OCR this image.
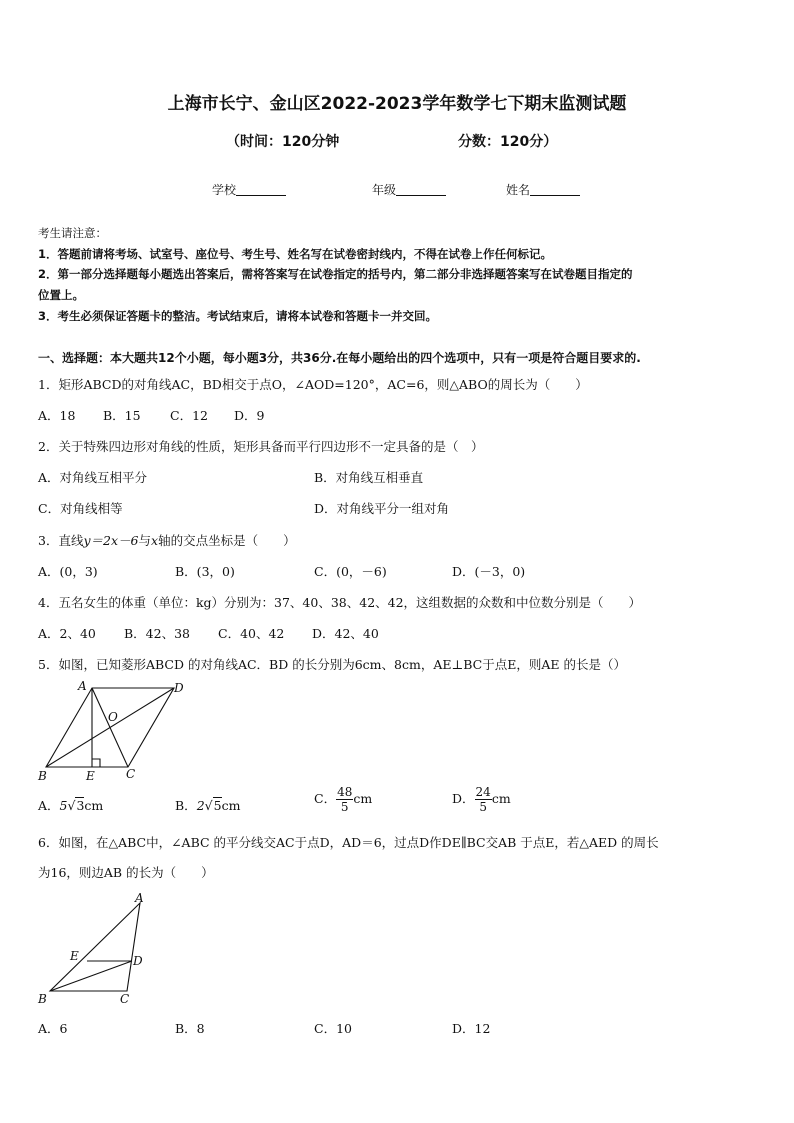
上海市长宁、金山区2022-2023学年数学七下期末监测试题
（时间：120分钟	分数：120分）
学校	年级	姓名
考生请注意：
1．答题前请将考场、试室号、座位号、考生号、姓名写在试卷密封线内，不得在试卷上作任何标记。
2．第一部分选择题每小题选出答案后，需将答案写在试卷指定的括号内，第二部分非选择题答案写在试卷题目指定的
位置上。
3．考生必须保证答题卡的整洁。考试结束后，请将本试卷和答题卡一并交回。
一、选择题：本大题共12个小题，每小题3分，共36分.在每小题给出的四个选项中，只有一项是符合题目要求的.
1．矩形ABCD的对角线AC，BD相交于点O，∠AOD=120°，AC=6，则△ABO的周长为（　　）
A．18 B．15 C．12 D．9
2．关于特殊四边形对角线的性质，矩形具备而平行四边形不一定具备的是（　）
A．对角线互相平分	B．对角线互相垂直
C．对角线相等	D．对角线平分一组对角
3．直线y＝2x－6与x轴的交点坐标是（　　）
A．(0，3)	B．(3，0)	C．(0，－6)	D．(－3，0)
4．五名女生的体重（单位：kg）分别为：37、40、38、42、42，这组数据的众数和中位数分别是（　　）
A．2、40 B．42、38 C．40、42 D．42、40
5．如图，已知菱形ABCD 的对角线AC．BD 的长分别为6cm、8cm，AE⊥BC于点E，则AE 的长是（）
A	D
O
B	E	C
A．5√3cm	B．2√5cm	C． $\frac{48}{5}$ cm	D． $\frac{24}{5}$ cm
6．如图，在△ABC中，∠ABC 的平分线交AC于点D，AD＝6，过点D作DE∥BC交AB 于点E，若△AED 的周长
为16，则边AB 的长为（　　）
A
E	D
B	C
A．6	B．8	C．10	D．12
